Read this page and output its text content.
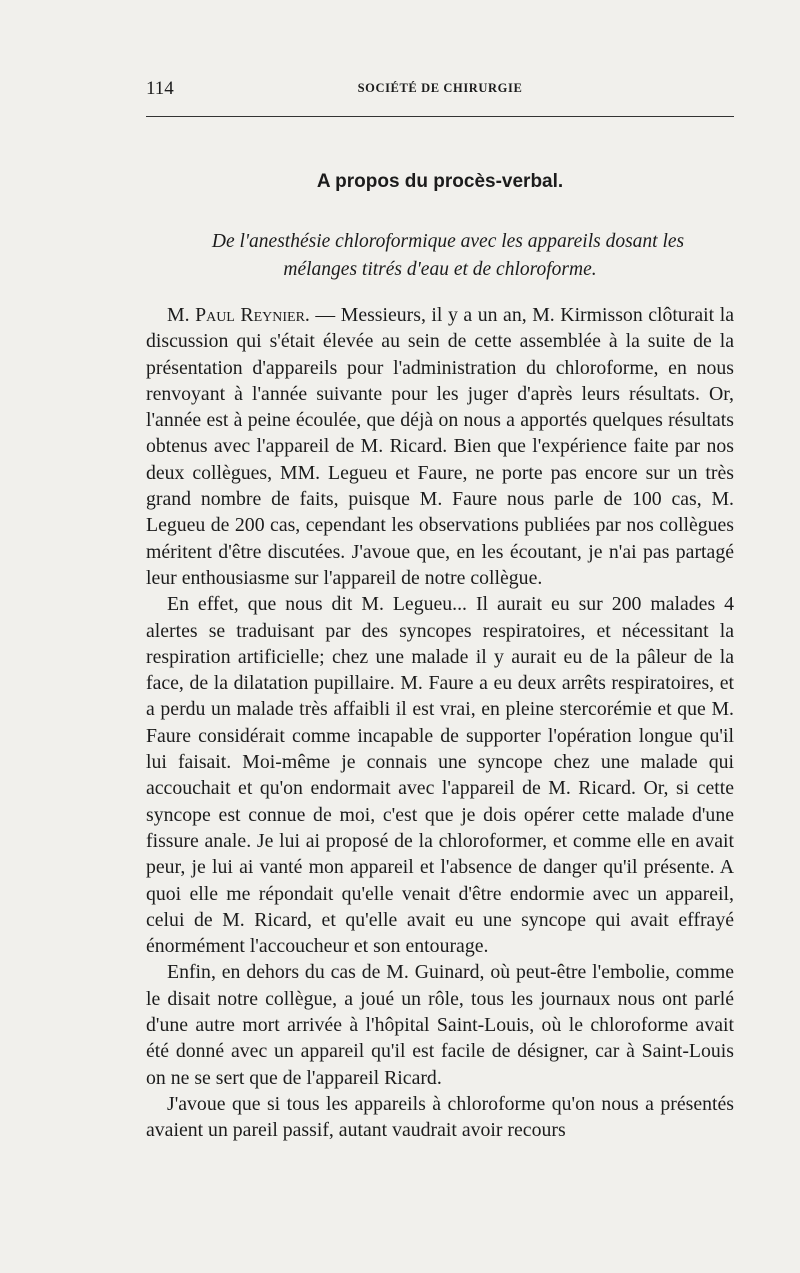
114	SOCIÉTÉ DE CHIRURGIE
A propos du procès-verbal.
De l'anesthésie chloroformique avec les appareils dosant les
mélanges titrés d'eau et de chloroforme.

M. Paul Reynier. — Messieurs, il y a un an, M. Kirmisson clôturait la discussion qui s'était élevée au sein de cette assemblée à la suite de la présentation d'appareils pour l'administration du chloroforme, en nous renvoyant à l'année suivante pour les juger d'après leurs résultats. Or, l'année est à peine écoulée, que déjà on nous a apportés quelques résultats obtenus avec l'appareil de M. Ricard. Bien que l'expérience faite par nos deux collègues, MM. Legueu et Faure, ne porte pas encore sur un très grand nombre de faits, puisque M. Faure nous parle de 100 cas, M. Legueu de 200 cas, cependant les observations publiées par nos collègues méritent d'être discutées. J'avoue que, en les écoutant, je n'ai pas partagé leur enthousiasme sur l'appareil de notre collègue.

En effet, que nous dit M. Legueu... Il aurait eu sur 200 malades 4 alertes se traduisant par des syncopes respiratoires, et nécessitant la respiration artificielle; chez une malade il y aurait eu de la pâleur de la face, de la dilatation pupillaire. M. Faure a eu deux arrêts respiratoires, et a perdu un malade très affaibli il est vrai, en pleine stercorémie et que M. Faure considérait comme incapable de supporter l'opération longue qu'il lui faisait. Moi-même je connais une syncope chez une malade qui accouchait et qu'on endormait avec l'appareil de M. Ricard. Or, si cette syncope est connue de moi, c'est que je dois opérer cette malade d'une fissure anale. Je lui ai proposé de la chloroformer, et comme elle en avait peur, je lui ai vanté mon appareil et l'absence de danger qu'il présente. A quoi elle me répondait qu'elle venait d'être endormie avec un appareil, celui de M. Ricard, et qu'elle avait eu une syncope qui avait effrayé énormément l'accoucheur et son entourage.

Enfin, en dehors du cas de M. Guinard, où peut-être l'embolie, comme le disait notre collègue, a joué un rôle, tous les journaux nous ont parlé d'une autre mort arrivée à l'hôpital Saint-Louis, où le chloroforme avait été donné avec un appareil qu'il est facile de désigner, car à Saint-Louis on ne se sert que de l'appareil Ricard.

J'avoue que si tous les appareils à chloroforme qu'on nous a présentés avaient un pareil passif, autant vaudrait avoir recours
